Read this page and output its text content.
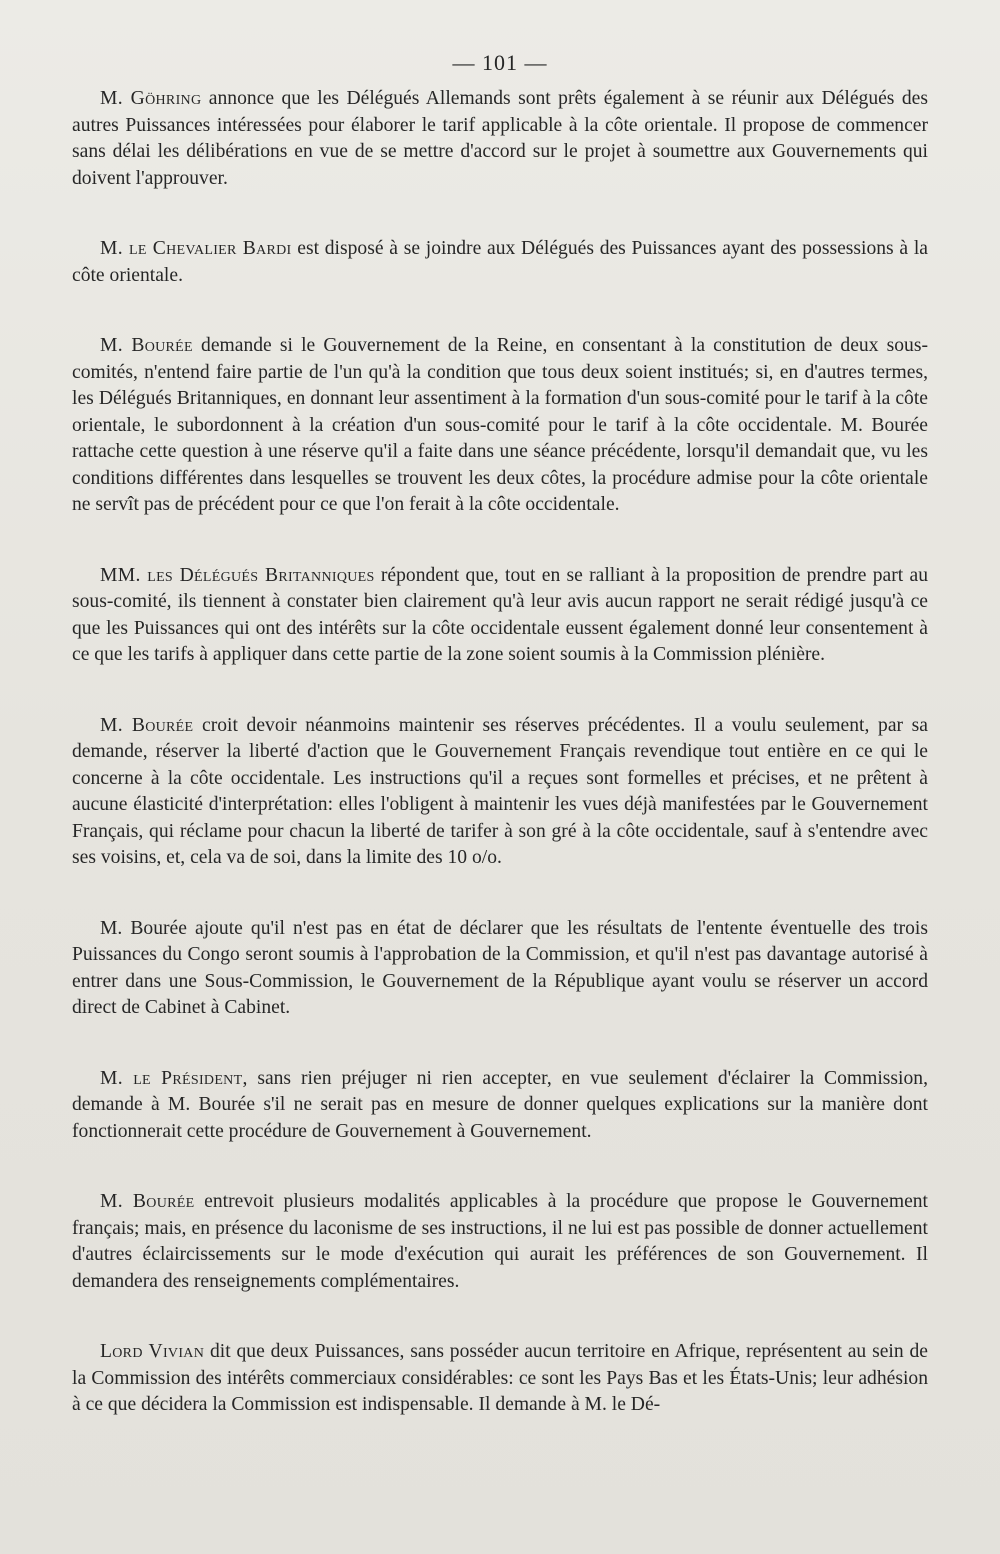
— 101 —

M. Göhring annonce que les Délégués Allemands sont prêts également à se réunir aux Délégués des autres Puissances intéressées pour élaborer le tarif applicable à la côte orientale. Il propose de commencer sans délai les délibérations en vue de se mettre d'accord sur le projet à soumettre aux Gouvernements qui doivent l'approuver.

M. le Chevalier Bardi est disposé à se joindre aux Délégués des Puissances ayant des possessions à la côte orientale.

M. Bourée demande si le Gouvernement de la Reine, en consentant à la constitution de deux sous-comités, n'entend faire partie de l'un qu'à la condition que tous deux soient institués; si, en d'autres termes, les Délégués Britanniques, en donnant leur assentiment à la formation d'un sous-comité pour le tarif à la côte orientale, le subordonnent à la création d'un sous-comité pour le tarif à la côte occidentale. M. Bourée rattache cette question à une réserve qu'il a faite dans une séance précédente, lorsqu'il demandait que, vu les conditions différentes dans lesquelles se trouvent les deux côtes, la procédure admise pour la côte orientale ne servît pas de précédent pour ce que l'on ferait à la côte occidentale.

MM. les Délégués Britanniques répondent que, tout en se ralliant à la proposition de prendre part au sous-comité, ils tiennent à constater bien clairement qu'à leur avis aucun rapport ne serait rédigé jusqu'à ce que les Puissances qui ont des intérêts sur la côte occidentale eussent également donné leur consentement à ce que les tarifs à appliquer dans cette partie de la zone soient soumis à la Commission plénière.

M. Bourée croit devoir néanmoins maintenir ses réserves précédentes. Il a voulu seulement, par sa demande, réserver la liberté d'action que le Gouvernement Français revendique tout entière en ce qui le concerne à la côte occidentale. Les instructions qu'il a reçues sont formelles et précises, et ne prêtent à aucune élasticité d'interprétation: elles l'obligent à maintenir les vues déjà manifestées par le Gouvernement Français, qui réclame pour chacun la liberté de tarifer à son gré à la côte occidentale, sauf à s'entendre avec ses voisins, et, cela va de soi, dans la limite des 10 o/o.

M. Bourée ajoute qu'il n'est pas en état de déclarer que les résultats de l'entente éventuelle des trois Puissances du Congo seront soumis à l'approbation de la Commission, et qu'il n'est pas davantage autorisé à entrer dans une Sous-Commission, le Gouvernement de la République ayant voulu se réserver un accord direct de Cabinet à Cabinet.

M. le Président, sans rien préjuger ni rien accepter, en vue seulement d'éclairer la Commission, demande à M. Bourée s'il ne serait pas en mesure de donner quelques explications sur la manière dont fonctionnerait cette procédure de Gouvernement à Gouvernement.

M. Bourée entrevoit plusieurs modalités applicables à la procédure que propose le Gouvernement français; mais, en présence du laconisme de ses instructions, il ne lui est pas possible de donner actuellement d'autres éclaircissements sur le mode d'exécution qui aurait les préférences de son Gouvernement. Il demandera des renseignements complémentaires.

Lord Vivian dit que deux Puissances, sans posséder aucun territoire en Afrique, représentent au sein de la Commission des intérêts commerciaux considérables: ce sont les Pays Bas et les États-Unis; leur adhésion à ce que décidera la Commission est indispensable. Il demande à M. le Dé-
